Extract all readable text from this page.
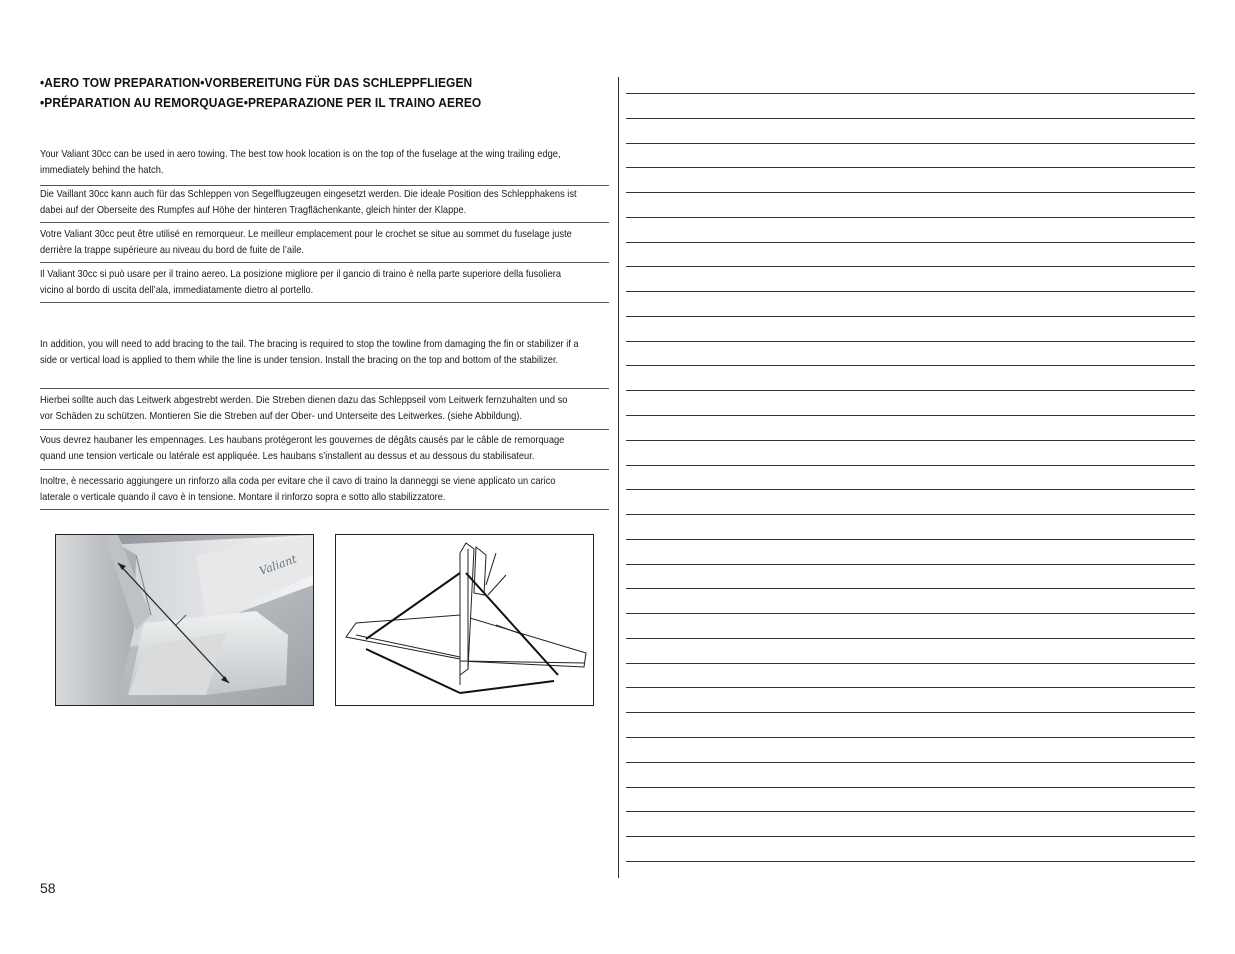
•AERO TOW PREPARATION•VORBEREITUNG FÜR DAS SCHLEPPFLIEGEN
•PRÉPARATION AU REMORQUAGE•PREPARAZIONE PER IL TRAINO AEREO
Your Valiant 30cc can be used in aero towing. The best tow hook location is on the top of the fuselage at the wing trailing edge, immediately behind the hatch.
Die Vaillant 30cc kann auch für das Schleppen von Segelflugzeugen eingesetzt werden. Die ideale Position des Schlepphakens ist dabei auf der Oberseite des Rumpfes auf Höhe der hinteren Tragflächenkante, gleich hinter der Klappe.
Votre Valiant 30cc peut être utilisé en remorqueur. Le meilleur emplacement pour le crochet se situe au sommet du fuselage juste derrière la trappe supérieure au niveau du bord de fuite de l’aile.
Il Valiant 30cc si può usare per il traino aereo. La posizione migliore per il gancio di traino è nella parte superiore della fusoliera vicino al bordo di uscita dell’ala, immediatamente dietro al portello.
In addition, you will need to add bracing to the tail. The bracing is required to stop the towline from damaging the fin or stabilizer if a side or vertical load is applied to them while the line is under tension. Install the bracing on the top and bottom of the stabilizer.
Hierbei sollte auch das Leitwerk abgestrebt werden. Die Streben dienen dazu das Schleppseil vom Leitwerk fernzuhalten und so vor Schäden zu schützen. Montieren Sie die Streben auf der Ober- und Unterseite des Leitwerkes. (siehe Abbildung).
Vous devrez haubaner les empennages. Les haubans protégeront les gouvernes de dégâts causés par le câble de remorquage quand une tension verticale ou latérale est appliquée. Les haubans s’installent au dessus et au dessous du stabilisateur.
Inoltre, è necessario aggiungere un rinforzo alla coda per evitare che il cavo di traino la danneggi se viene applicato un carico laterale o verticale quando il cavo è in tensione. Montare il rinforzo sopra e sotto allo stabilizzatore.
Valiant
58
